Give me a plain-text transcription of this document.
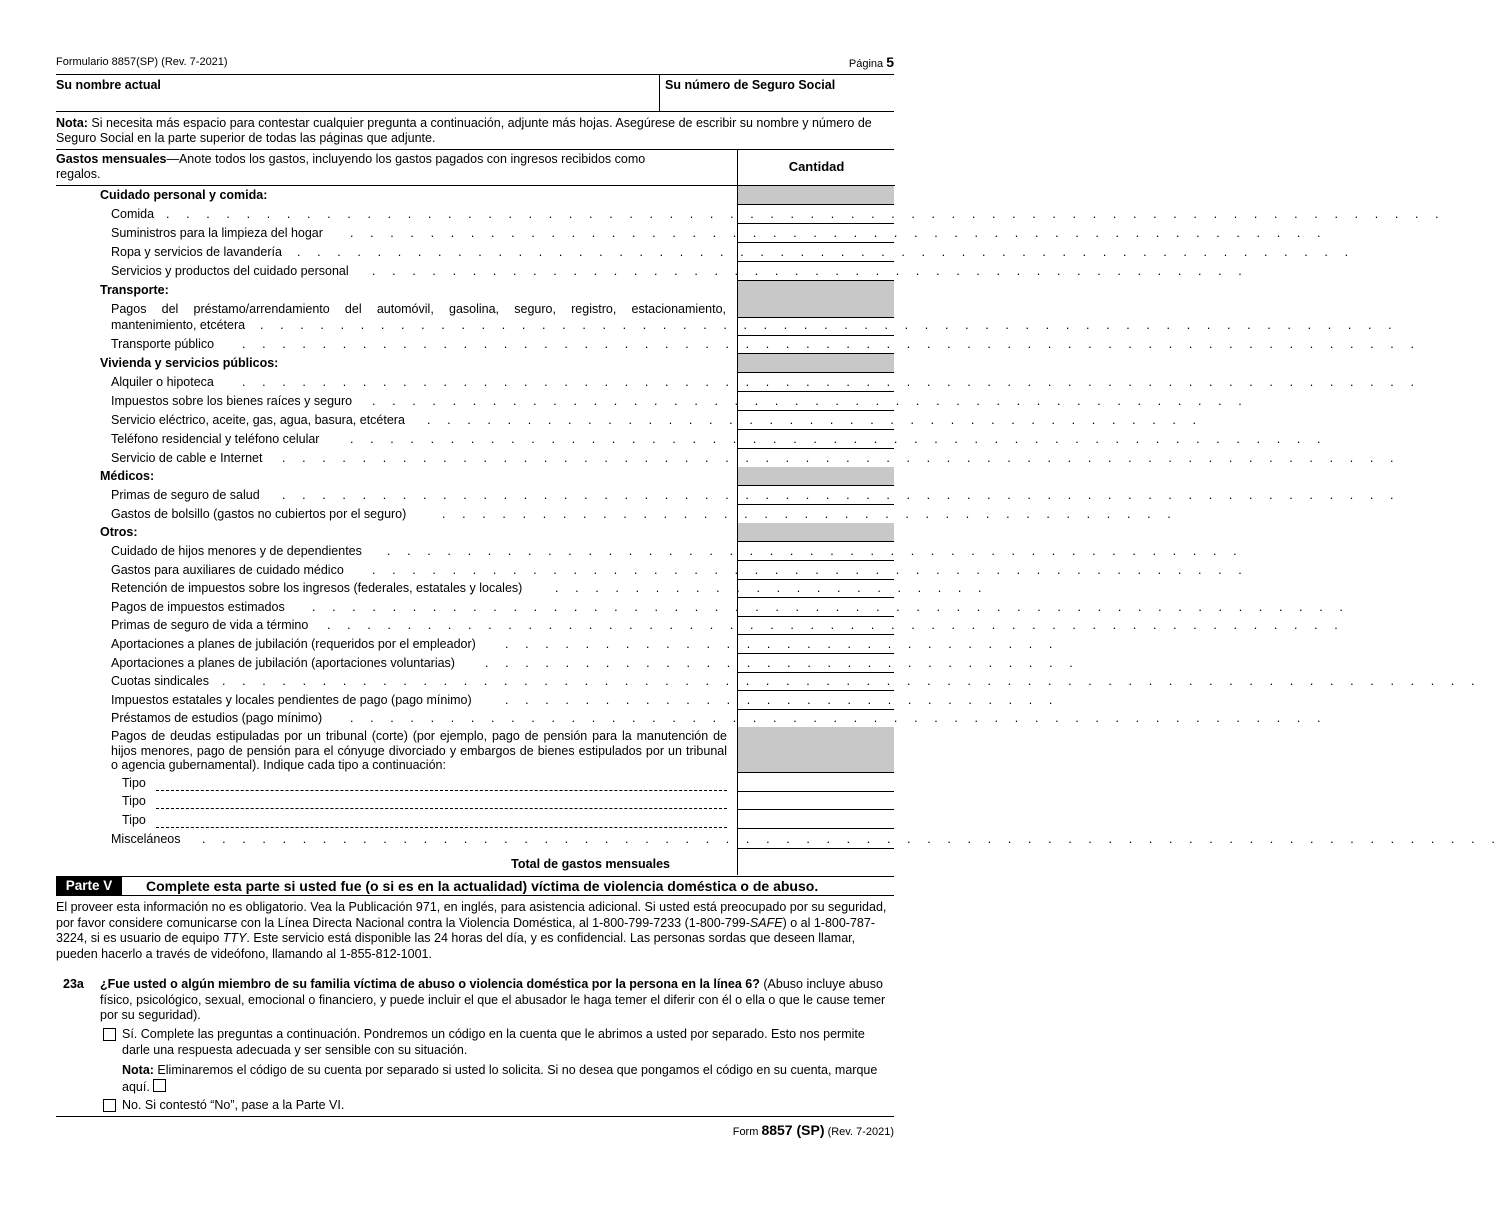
Formulario 8857(SP) (Rev. 7-2021)	Página 5
Su nombre actual	Su número de Seguro Social
Nota: Si necesita más espacio para contestar cualquier pregunta a continuación, adjunte más hojas. Asegúrese de escribir su nombre y número de Seguro Social en la parte superior de todas las páginas que adjunte.
Cantidad
Gastos mensuales—Anote todos los gastos, incluyendo los gastos pagados con ingresos recibidos como regalos.
Cuidado personal y comida:
Comida . . . . . . . . . . . . . . . . . . . . . . . . . . . . . . . . . . . . . . . . . . . . . . . . . . . . . . . . . . . . . . . .
Suministros para la limpieza del hogar . . . . . . . . . . . . . . . . . . . . . . . . . . . . . . . . . . . . . . . . . . . . . . . . .
Ropa y servicios de lavandería . . . . . . . . . . . . . . . . . . . . . . . . . . . . . . . . . . . . . . . . . . . . . . . . . . . . .
Servicios y productos del cuidado personal . . . . . . . . . . . . . . . . . . . . . . . . . . . . . . . . . . . . . . . . . . . .
Transporte:
Pagos del préstamo/arrendamiento del automóvil, gasolina, seguro, registro, estacionamiento,
mantenimiento, etcétera . . . . . . . . . . . . . . . . . . . . . . . . . . . . . . . . . . . . . . . . . . . . . . . . . . . . . . . . .
Transporte público . . . . . . . . . . . . . . . . . . . . . . . . . . . . . . . . . . . . . . . . . . . . . . . . . . . . . . . . . . .
Vivienda y servicios públicos:
Alquiler o hipoteca . . . . . . . . . . . . . . . . . . . . . . . . . . . . . . . . . . . . . . . . . . . . . . . . . . . . . . . . . . .
Impuestos sobre los bienes raíces y seguro . . . . . . . . . . . . . . . . . . . . . . . . . . . . . . . . . . . . . . . . . . . .
Servicio eléctrico, aceite, gas, agua, basura, etcétera . . . . . . . . . . . . . . . . . . . . . . . . . . . . . . . . . . . . . . .
Teléfono residencial y teléfono celular . . . . . . . . . . . . . . . . . . . . . . . . . . . . . . . . . . . . . . . . . . . . . . . . .
Servicio de cable e Internet . . . . . . . . . . . . . . . . . . . . . . . . . . . . . . . . . . . . . . . . . . . . . . . . . . . . . . . .
Médicos:
Primas de seguro de salud . . . . . . . . . . . . . . . . . . . . . . . . . . . . . . . . . . . . . . . . . . . . . . . . . . . . . . . .
Gastos de bolsillo (gastos no cubiertos por el seguro)	. . . . . . . . . . . . . . . . . . . . . . . . . . . . . . . . . . . . .
Otros:
Cuidado de hijos menores y de dependientes . . . . . . . . . . . . . . . . . . . . . . . . . . . . . . . . . . . . . . . . . . .
Gastos para auxiliares de cuidado médico . . . . . . . . . . . . . . . . . . . . . . . . . . . . . . . . . . . . . . . . . . . .
Retención de impuestos sobre los ingresos (federales, estatales y locales)	. . . . . . . . . . . . . . . . . . . . . .
Pagos de impuestos estimados . . . . . . . . . . . . . . . . . . . . . . . . . . . . . . . . . . . . . . . . . . . . . . . . . . . .
Primas de seguro de vida a término . . . . . . . . . . . . . . . . . . . . . . . . . . . . . . . . . . . . . . . . . . . . . . . . . . .
Aportaciones a planes de jubilación (requeridos por el empleador) . . . . . . . . . . . . . . . . . . . . . . . . . . . .
Aportaciones a planes de jubilación (aportaciones voluntarias) . . . . . . . . . . . . . . . . . . . . . . . . . . . . . .
Cuotas sindicales . . . . . . . . . . . . . . . . . . . . . . . . . . . . . . . . . . . . . . . . . . . . . . . . . . . . . . . . . . . . . . .
Impuestos estatales y locales pendientes de pago (pago mínimo)	. . . . . . . . . . . . . . . . . . . . . . . . . . . .
Préstamos de estudios (pago mínimo) . . . . . . . . . . . . . . . . . . . . . . . . . . . . . . . . . . . . . . . . . . . . . . . . .
Pagos de deudas estipuladas por un tribunal (corte) (por ejemplo, pago de pensión para la manutención de hijos menores, pago de pensión para el cónyuge divorciado y embargos de bienes estipulados por un tribunal o agencia gubernamental). Indique cada tipo a continuación:
Tipo
Tipo
Tipo
Misceláneos . . . . . . . . . . . . . . . . . . . . . . . . . . . . . . . . . . . . . . . . . . . . . . . . . . . . . . . . . . . . . . . . .
Total de gastos mensuales
Parte V	Complete esta parte si usted fue (o si es en la actualidad) víctima de violencia doméstica o de abuso.
El proveer esta información no es obligatorio. Vea la Publicación 971, en inglés, para asistencia adicional. Si usted está preocupado por su seguridad, por favor considere comunicarse con la Línea Directa Nacional contra la Violencia Doméstica, al 1-800-799-7233 (1-800-799-SAFE) o al 1-800-787-3224, si es usuario de equipo TTY. Este servicio está disponible las 24 horas del día, y es confidencial. Las personas sordas que deseen llamar, pueden hacerlo a través de videófono, llamando al 1-855-812-1001.
23a ¿Fue usted o algún miembro de su familia víctima de abuso o violencia doméstica por la persona en la línea 6? (Abuso incluye abuso físico, psicológico, sexual, emocional o financiero, y puede incluir el que el abusador le haga temer el diferir con él o ella o que le cause temer por su seguridad).
Sí. Complete las preguntas a continuación. Pondremos un código en la cuenta que le abrimos a usted por separado. Esto nos permite darle una respuesta adecuada y ser sensible con su situación.
Nota: Eliminaremos el código de su cuenta por separado si usted lo solicita. Si no desea que pongamos el código en su cuenta, marque aquí.
No. Si contestó “No”, pase a la Parte VI.
Form 8857 (SP) (Rev. 7-2021)
